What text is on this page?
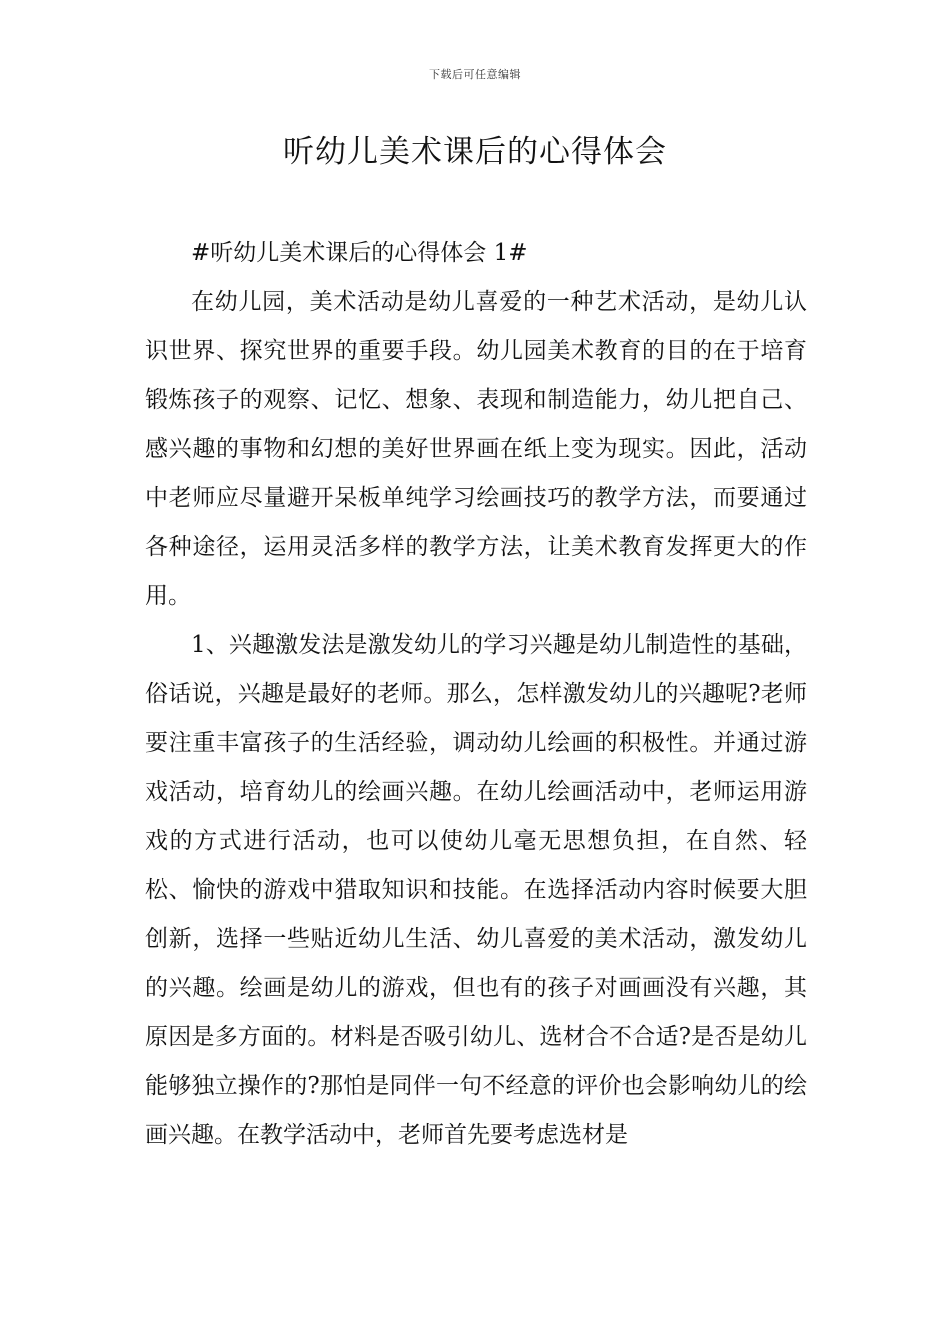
下载后可任意编辑
听幼儿美术课后的心得体会

#听幼儿美术课后的心得体会 1#

在幼儿园，美术活动是幼儿喜爱的一种艺术活动，是幼儿认识世界、探究世界的重要手段。幼儿园美术教育的目的在于培育锻炼孩子的观察、记忆、想象、表现和制造能力，幼儿把自己、感兴趣的事物和幻想的美好世界画在纸上变为现实。因此，活动中老师应尽量避开呆板单纯学习绘画技巧的教学方法，而要通过各种途径，运用灵活多样的教学方法，让美术教育发挥更大的作用。

1、兴趣激发法是激发幼儿的学习兴趣是幼儿制造性的基础，俗话说，兴趣是最好的老师。那么，怎样激发幼儿的兴趣呢?老师要注重丰富孩子的生活经验，调动幼儿绘画的积极性。并通过游戏活动，培育幼儿的绘画兴趣。在幼儿绘画活动中，老师运用游戏的方式进行活动，也可以使幼儿毫无思想负担，在自然、轻松、愉快的游戏中猎取知识和技能。在选择活动内容时候要大胆创新，选择一些贴近幼儿生活、幼儿喜爱的美术活动，激发幼儿的兴趣。绘画是幼儿的游戏，但也有的孩子对画画没有兴趣，其原因是多方面的。材料是否吸引幼儿、选材合不合适?是否是幼儿能够独立操作的?那怕是同伴一句不经意的评价也会影响幼儿的绘画兴趣。在教学活动中，老师首先要考虑选材是
